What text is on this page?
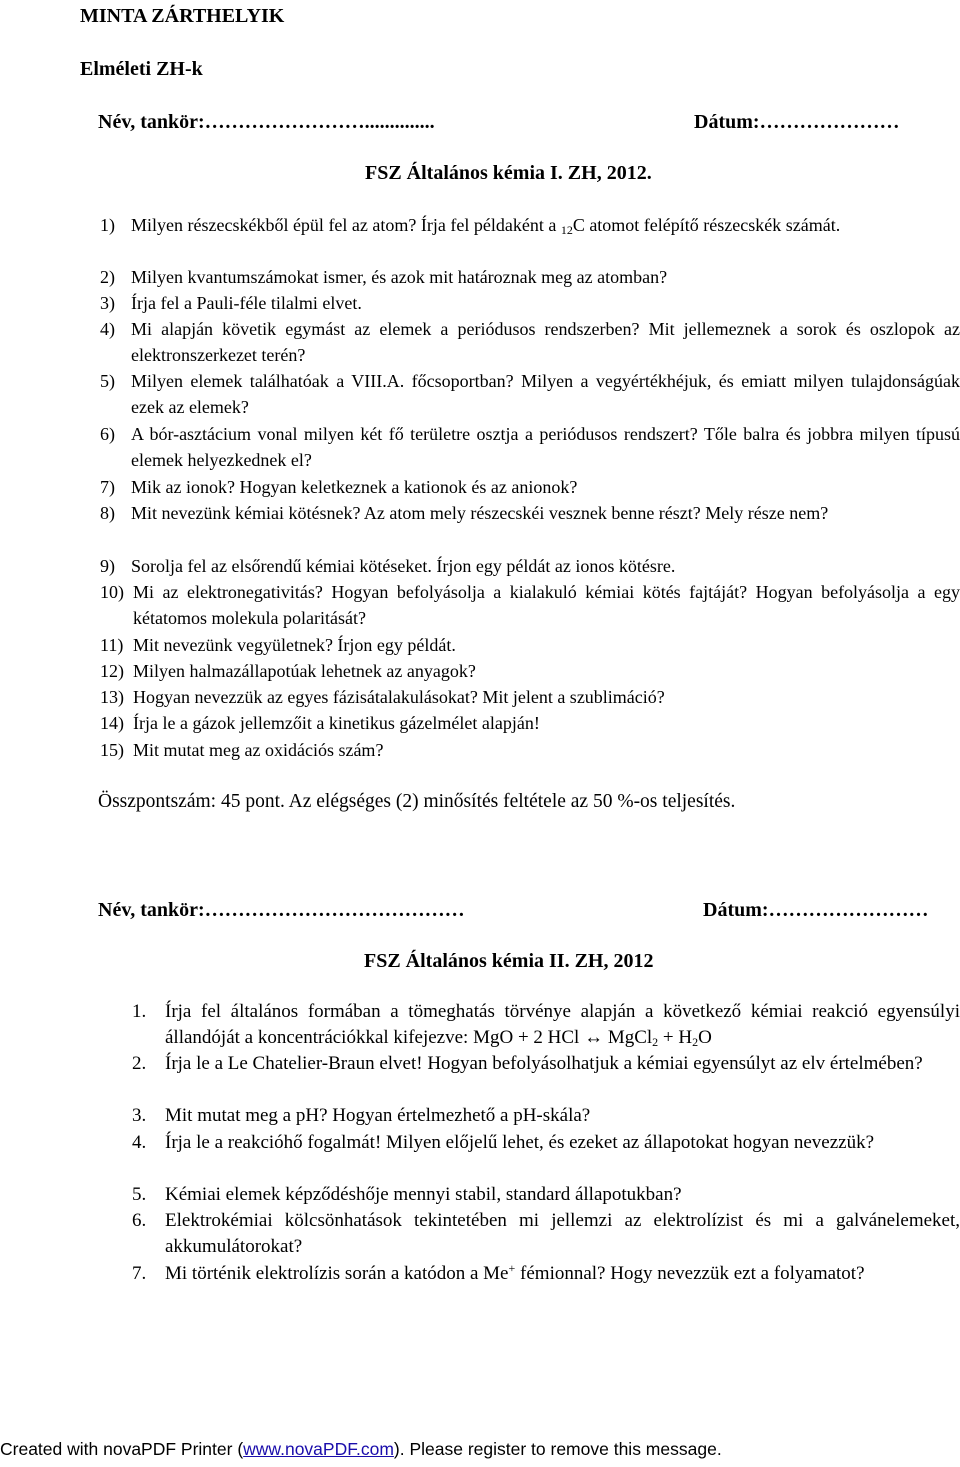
MINTA ZÁRTHELYIK
Elméleti ZH-k
Név, tankör:……………………..............	Dátum:…………………
FSZ Általános kémia I. ZH, 2012.
1) Milyen részecskékből épül fel az atom? Írja fel példaként a $_{12}$C atomot felépítő részecskék számát.
2) Milyen kvantumszámokat ismer, és azok mit határoznak meg az atomban?
3) Írja fel a Pauli-féle tilalmi elvet.
4) Mi alapján követik egymást az elemek a periódusos rendszerben? Mit jellemeznek a sorok és oszlopok az elektronszerkezet terén?
5) Milyen elemek találhatóak a VIII.A. főcsoportban? Milyen a vegyértékhéjuk, és emiatt milyen tulajdonságúak ezek az elemek?
6) A bór-asztácium vonal milyen két fő területre osztja a periódusos rendszert? Tőle balra és jobbra milyen típusú elemek helyezkednek el?
7) Mik az ionok? Hogyan keletkeznek a kationok és az anionok?
8) Mit nevezünk kémiai kötésnek? Az atom mely részecskéi vesznek benne részt? Mely része nem?
9) Sorolja fel az elsőrendű kémiai kötéseket. Írjon egy példát az ionos kötésre.
10) Mi az elektronegativitás? Hogyan befolyásolja a kialakuló kémiai kötés fajtáját? Hogyan befolyásolja a egy kétatomos molekula polaritását?
11) Mit nevezünk vegyületnek? Írjon egy példát.
12) Milyen halmazállapotúak lehetnek az anyagok?
13) Hogyan nevezzük az egyes fázisátalakulásokat? Mit jelent a szublimáció?
14) Írja le a gázok jellemzőit a kinetikus gázelmélet alapján!
15) Mit mutat meg az oxidációs szám?
Összpontszám: 45 pont. Az elégséges (2) minősítés feltétele az 50 %-os teljesítés.
Név, tankör:…………………………………	Dátum:……………………
FSZ Általános kémia II. ZH, 2012
1. Írja fel általános formában a tömeghatás törvénye alapján a következő kémiai reakció egyensúlyi állandóját a koncentrációkkal kifejezve: MgO + 2 HCl ↔ MgCl$_2$ + $H_2O$
2. Írja le a Le Chatelier-Braun elvet! Hogyan befolyásolhatjuk a kémiai egyensúlyt az elv értelmében?
3. Mit mutat meg a pH? Hogyan értelmezhető a pH-skála?
4. Írja le a reakcióhő fogalmát! Milyen előjelű lehet, és ezeket az állapotokat hogyan nevezzük?
5. Kémiai elemek képződéshője mennyi stabil, standard állapotukban?
6. Elektrokémiai kölcsönhatások tekintetében mi jellemzi az elektrolízist és mi a galvánelemeket, akkumulátorokat?
7. Mi történik elektrolízis során a katódon a Me+ fémionnal? Hogy nevezzük ezt a folyamatot?
Created with novaPDF Printer (www.novaPDF.com). Please register to remove this message.
